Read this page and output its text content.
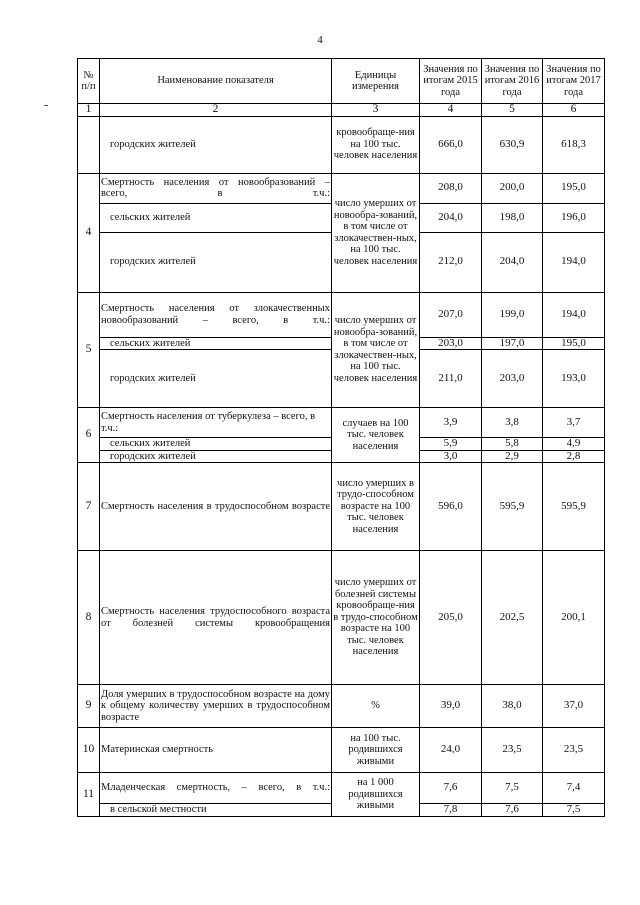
4
№ п/п	Наименование показателя	Единицы измерения	Значения по итогам 2015 года	Значения по итогам 2016 года	Значения по итогам 2017 года
1	2	3	4	5	6
	городских жителей	кровообраще-ния на 100 тыс. человек населения	666,0	630,9	618,3
4	Смертность населения от новообразований – всего, в т.ч.:	число умерших от новообра-зований, в том числе от злокачествен-ных, на 100 тыс. человек населения	208,0	200,0	195,0
	сельских жителей		204,0	198,0	196,0
	городских жителей		212,0	204,0	194,0
5	Смертность населения от злокачественных новообразований – всего, в т.ч.:	число умерших от новообра-зований, в том числе от злокачествен-ных, на 100 тыс. человек населения	207,0	199,0	194,0
	сельских жителей		203,0	197,0	195,0
	городских жителей		211,0	203,0	193,0
6	Смертность населения от туберкулеза – всего, в т.ч.:	случаев на 100 тыс. человек населения	3,9	3,8	3,7
	сельских жителей		5,9	5,8	4,9
	городских жителей		3,0	2,9	2,8
7	Смертность населения в трудоспособном возрасте	число умерших в трудо-способном возрасте на 100 тыс. человек населения	596,0	595,9	595,9
8	Смертность населения трудоспособного возраста от болезней системы кровообращения	число умерших от болезней системы кровообраще-ния в трудо-способном возрасте на 100 тыс. человек населения	205,0	202,5	200,1
9	Доля умерших в трудоспособном возрасте на дому к общему количеству умерших в трудоспособном возрасте	%	39,0	38,0	37,0
10	Материнская смертность	на 100 тыс. родившихся живыми	24,0	23,5	23,5
11	Младенческая смертность, – всего, в т.ч.:	на 1 000 родившихся живыми	7,6	7,5	7,4
	в сельской местности		7,8	7,6	7,5
